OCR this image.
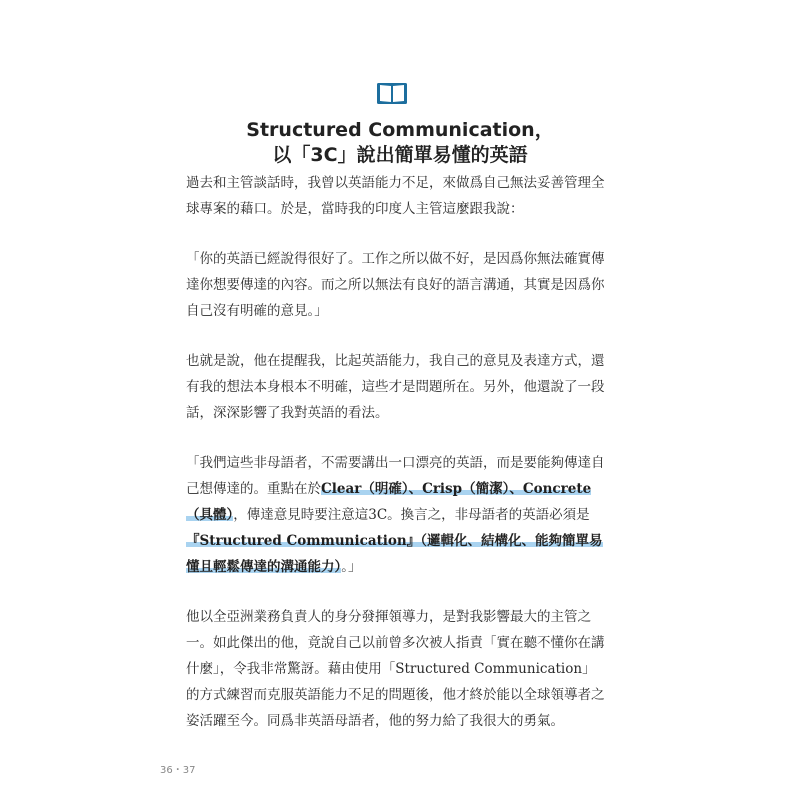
Structured Communication，
以「3C」說出簡單易懂的英語

過去和主管談話時，我曾以英語能力不足，來做爲自己無法妥善管理全球專案的藉口。於是，當時我的印度人主管這麼跟我說：

「你的英語已經說得很好了。工作之所以做不好，是因爲你無法確實傳達你想要傳達的內容。而之所以無法有良好的語言溝通，其實是因爲你自己沒有明確的意見。」

也就是說，他在提醒我，比起英語能力，我自己的意見及表達方式，還有我的想法本身根本不明確，這些才是問題所在。另外，他還說了一段話，深深影響了我對英語的看法。

「我們這些非母語者，不需要講出一口漂亮的英語，而是要能夠傳達自己想傳達的。重點在於Clear（明確）、Crisp（簡潔）、Concrete（具體），傳達意見時要注意這3C。換言之，非母語者的英語必須是『Structured Communication』（邏輯化、結構化、能夠簡單易懂且輕鬆傳達的溝通能力）。」

他以全亞洲業務負責人的身分發揮領導力，是對我影響最大的主管之一。如此傑出的他，竟說自己以前曾多次被人指責「實在聽不懂你在講什麼」，令我非常驚訝。藉由使用「Structured Communication」的方式練習而克服英語能力不足的問題後，他才終於能以全球領導者之姿活躍至今。同爲非英語母語者，他的努力給了我很大的勇氣。

36・37
